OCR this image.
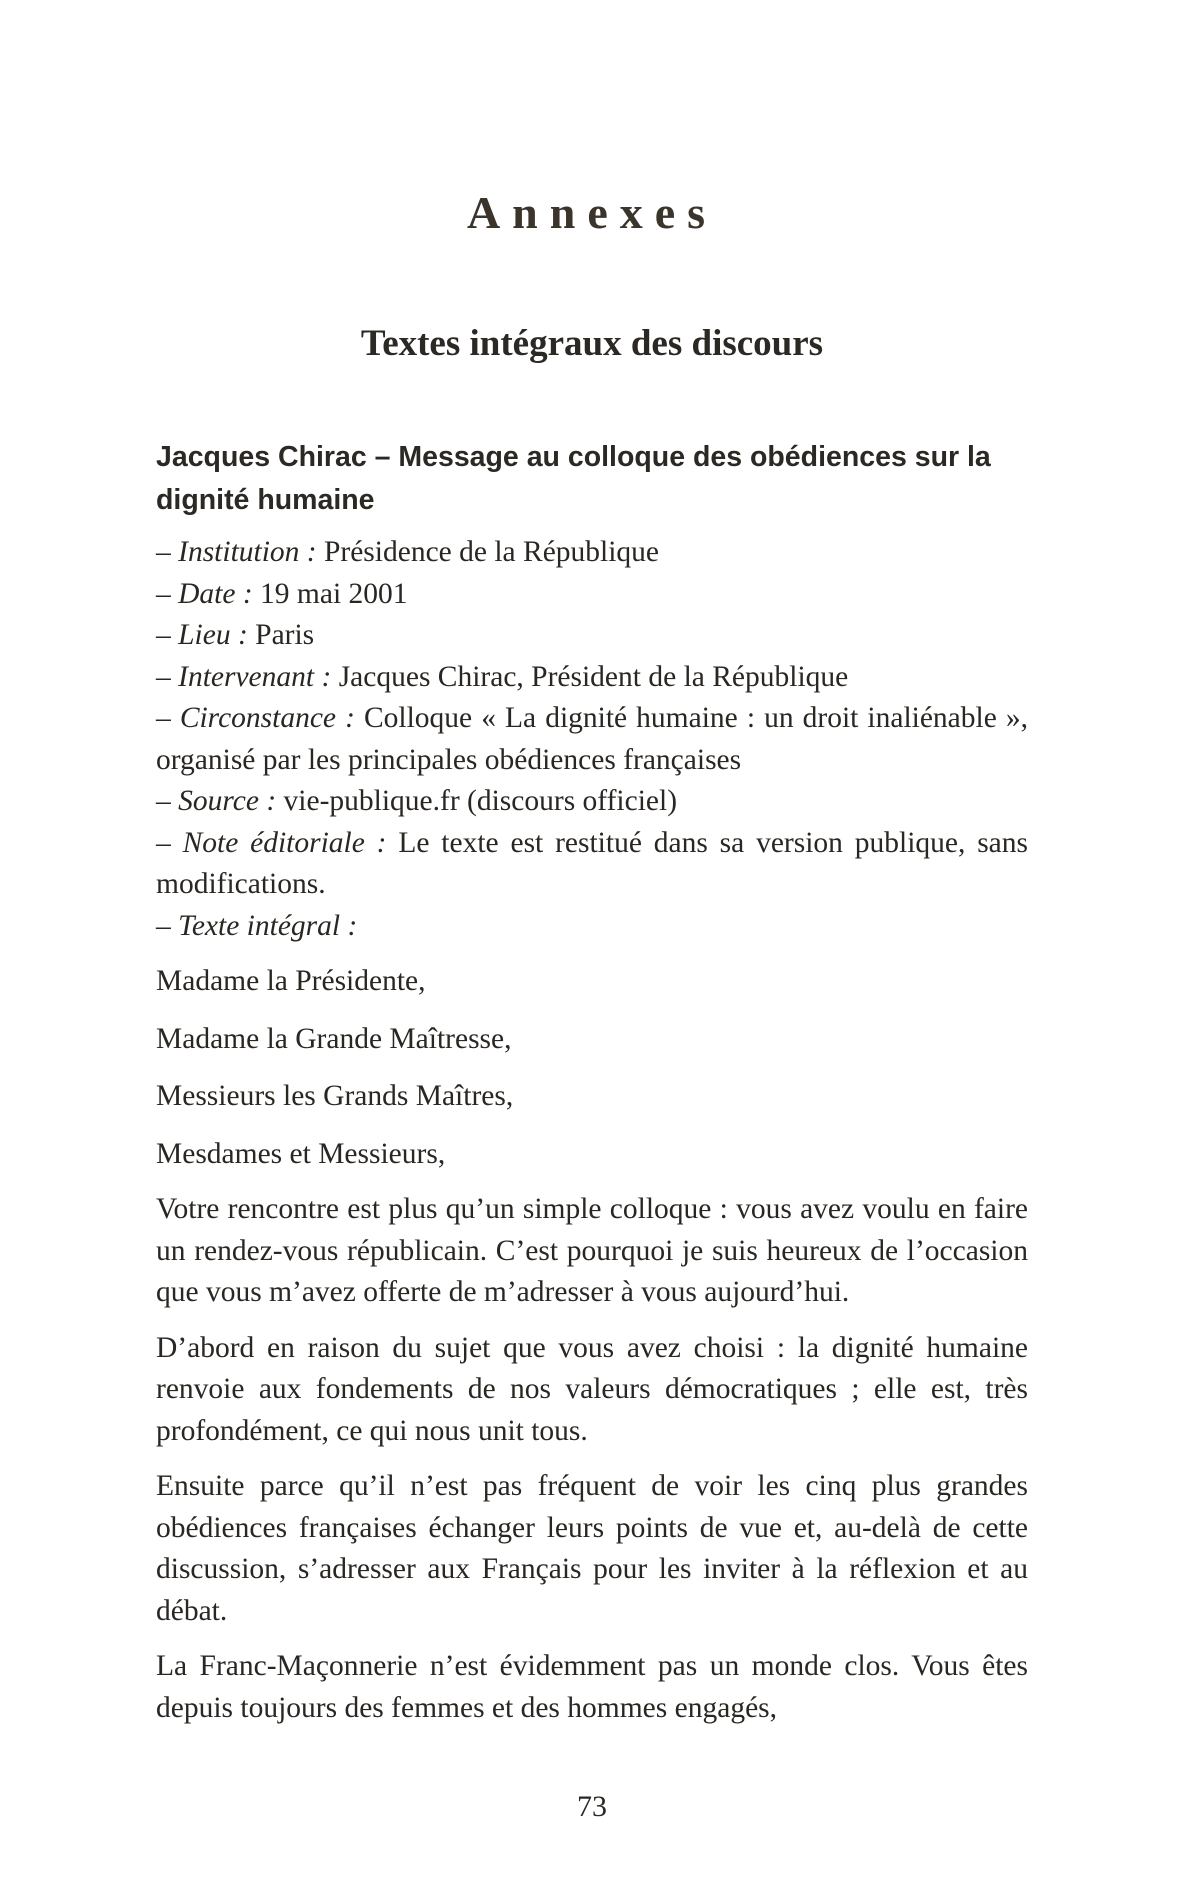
Annexes
Textes intégraux des discours
Jacques Chirac – Message au colloque des obédiences sur la dignité humaine

– Institution : Présidence de la République

– Date : 19 mai 2001

– Lieu : Paris

– Intervenant : Jacques Chirac, Président de la République

– Circonstance : Colloque « La dignité humaine : un droit inaliénable », organisé par les principales obédiences françaises

– Source : vie-publique.fr (discours officiel)

– Note éditoriale : Le texte est restitué dans sa version publique, sans modifications.

– Texte intégral :

Madame la Présidente,

Madame la Grande Maîtresse,

Messieurs les Grands Maîtres,

Mesdames et Messieurs,

Votre rencontre est plus qu’un simple colloque : vous avez voulu en faire un rendez-vous républicain. C’est pourquoi je suis heureux de l’occasion que vous m’avez offerte de m’adresser à vous aujourd’hui.

D’abord en raison du sujet que vous avez choisi : la dignité humaine renvoie aux fondements de nos valeurs démocratiques ; elle est, très profondément, ce qui nous unit tous.

Ensuite parce qu’il n’est pas fréquent de voir les cinq plus grandes obédiences françaises échanger leurs points de vue et, au-delà de cette discussion, s’adresser aux Français pour les inviter à la réflexion et au débat.

La Franc-Maçonnerie n’est évidemment pas un monde clos. Vous êtes depuis toujours des femmes et des hommes engagés,

73
